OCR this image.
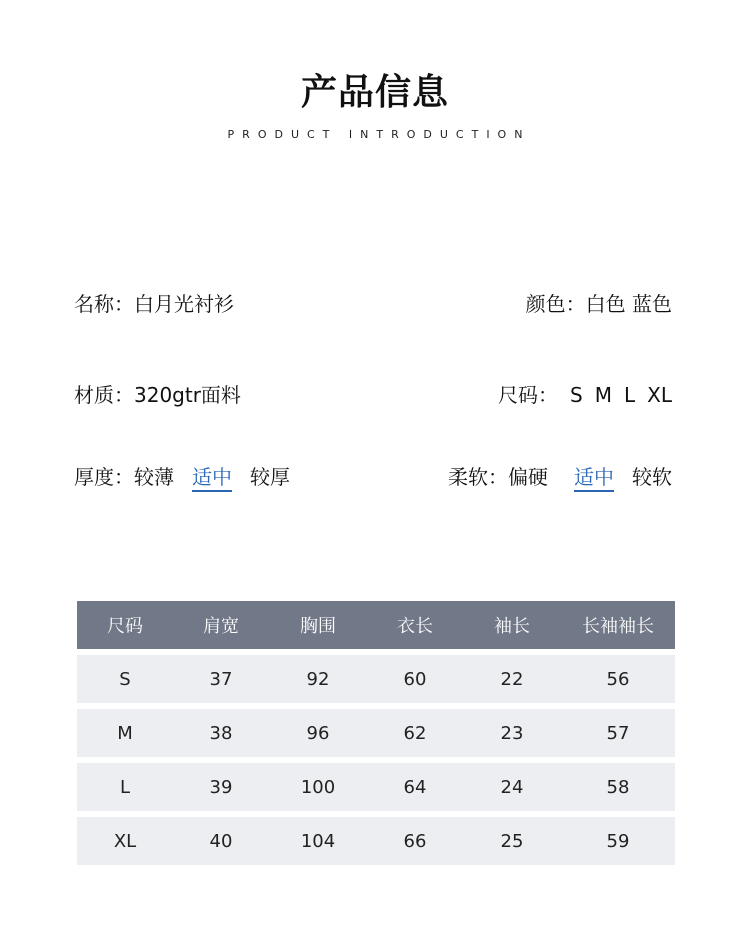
产品信息
PRODUCT INTRODUCTION
名称：白月光衬衫	颜色：白色 蓝色
材质：320gtr面料	尺码： S M L XL
厚度：较薄 适中 较厚	柔软：偏硬 适中 较软
尺码	肩宽	胸围	衣长	袖长	长袖袖长

S	37	92	60	22	56

M	38	96	62	23	57

L	39	100	64	24	58

XL	40	104	66	25	59
